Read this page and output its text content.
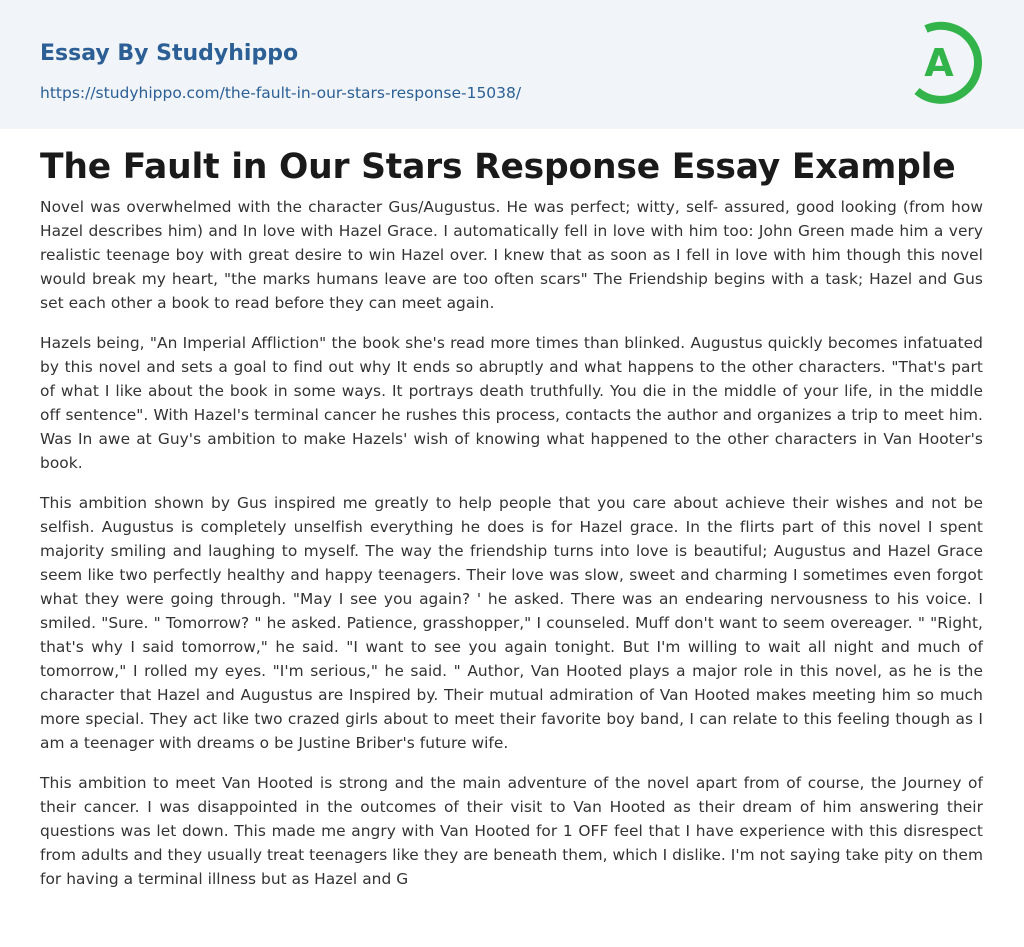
Essay By Studyhippo
https://studyhippo.com/the-fault-in-our-stars-response-15038/
A
The Fault in Our Stars Response Essay Example

Novel was overwhelmed with the character Gus/Augustus. He was perfect; witty, self- assured, good looking (from how Hazel describes him) and In love with Hazel Grace. I automatically fell in love with him too: John Green made him a very realistic teenage boy with great desire to win Hazel over. I knew that as soon as I fell in love with him though this novel would break my heart, "the marks humans leave are too often scars" The Friendship begins with a task; Hazel and Gus set each other a book to read before they can meet again.

Hazels being, "An Imperial Affliction" the book she's read more times than blinked. Augustus quickly becomes infatuated by this novel and sets a goal to find out why It ends so abruptly and what happens to the other characters. "That's part of what I like about the book in some ways. It portrays death truthfully. You die in the middle of your life, in the middle off sentence". With Hazel's terminal cancer he rushes this process, contacts the author and organizes a trip to meet him. Was In awe at Guy's ambition to make Hazels' wish of knowing what happened to the other characters in Van Hooter's book.

This ambition shown by Gus inspired me greatly to help people that you care about achieve their wishes and not be selfish. Augustus is completely unselfish everything he does is for Hazel grace. In the flirts part of this novel I spent majority smiling and laughing to myself. The way the friendship turns into love is beautiful; Augustus and Hazel Grace seem like two perfectly healthy and happy teenagers. Their love was slow, sweet and charming I sometimes even forgot what they were going through. "May I see you again? ' he asked. There was an endearing nervousness to his voice. I smiled. "Sure. " Tomorrow? " he asked. Patience, grasshopper," I counseled. Muff don't want to seem overeager. " "Right, that's why I said tomorrow," he said. "I want to see you again tonight. But I'm willing to wait all night and much of tomorrow," I rolled my eyes. "I'm serious," he said. " Author, Van Hooted plays a major role in this novel, as he is the character that Hazel and Augustus are Inspired by. Their mutual admiration of Van Hooted makes meeting him so much more special. They act like two crazed girls about to meet their favorite boy band, I can relate to this feeling though as I am a teenager with dreams o be Justine Briber's future wife.

This ambition to meet Van Hooted is strong and the main adventure of the novel apart from of course, the Journey of their cancer. I was disappointed in the outcomes of their visit to Van Hooted as their dream of him answering their questions was let down. This made me angry with Van Hooted for 1 OFF feel that I have experience with this disrespect from adults and they usually treat teenagers like they are beneath them, which I dislike. I'm not saying take pity on them for having a terminal illness but as Hazel and G
